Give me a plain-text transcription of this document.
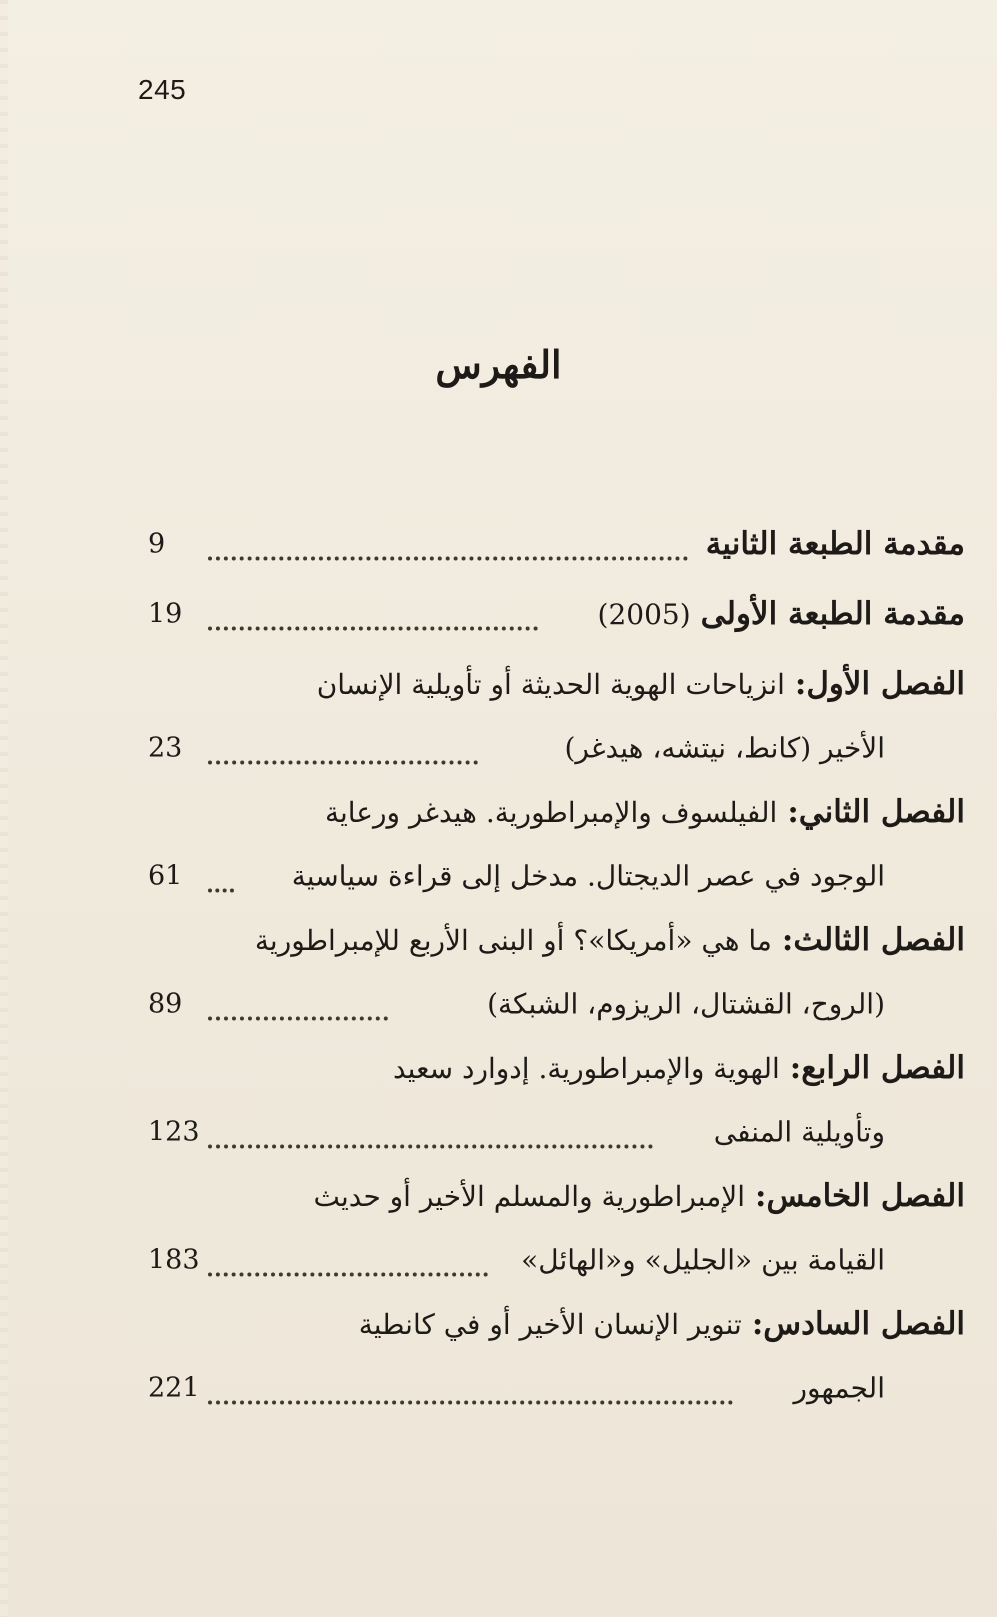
245
الفهرس
مقدمة الطبعة الثانية
9
مقدمة الطبعة الأولى
(2005)
19
الفصل الأول:
انزياحات الهوية الحديثة أو تأويلية الإنسان
الأخير (كانط، نيتشه، هيدغر)
23
الفصل الثاني:
الفيلسوف والإمبراطورية. هيدغر ورعاية
الوجود في عصر الديجتال. مدخل إلى قراءة سياسية
61
الفصل الثالث:
ما هي «أمريكا»؟ أو البنى الأربع للإمبراطورية
(الروح، القشتال، الريزوم، الشبكة)
89
الفصل الرابع:
الهوية والإمبراطورية. إدوارد سعيد
وتأويلية المنفى
123
الفصل الخامس:
الإمبراطورية والمسلم الأخير أو حديث
القيامة بين «الجليل» و«الهائل»
183
الفصل السادس:
تنوير الإنسان الأخير أو في كانطية
الجمهور
221
